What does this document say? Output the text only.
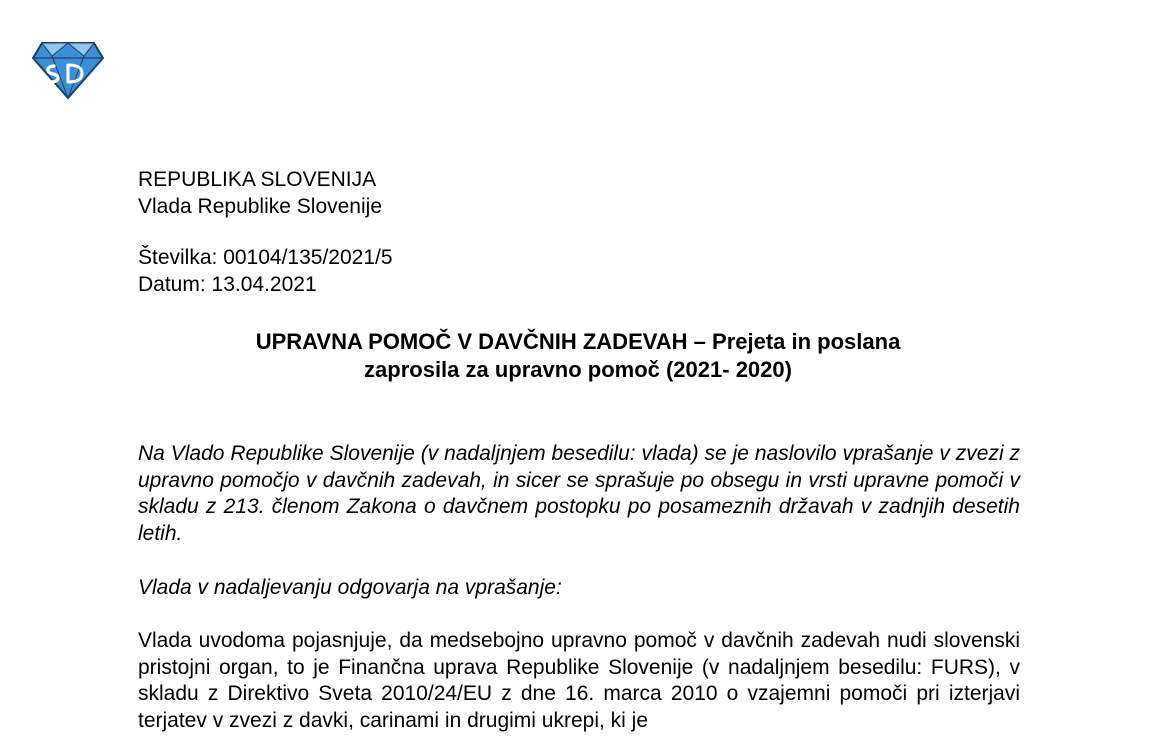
REPUBLIKA SLOVENIJA
Vlada Republike Slovenije
Številka: 00104/135/2021/5
Datum: 13.04.2021
UPRAVNA POMOČ V DAVČNIH ZADEVAH – Prejeta in poslana
zaprosila za upravno pomoč (2021- 2020)

Na Vlado Republike Slovenije (v nadaljnjem besedilu: vlada) se je naslovilo vprašanje v zvezi z upravno pomočjo v davčnih zadevah, in sicer se sprašuje po obsegu in vrsti upravne pomoči v skladu z 213. členom Zakona o davčnem postopku po posameznih državah v zadnjih desetih letih.

Vlada v nadaljevanju odgovarja na vprašanje:

Vlada uvodoma pojasnjuje, da medsebojno upravno pomoč v davčnih zadevah nudi slovenski pristojni organ, to je Finančna uprava Republike Slovenije (v nadaljnjem besedilu: FURS), v skladu z Direktivo Sveta 2010/24/EU z dne 16. marca 2010 o vzajemni pomoči pri izterjavi terjatev v zvezi z davki, carinami in drugimi ukrepi, ki je
